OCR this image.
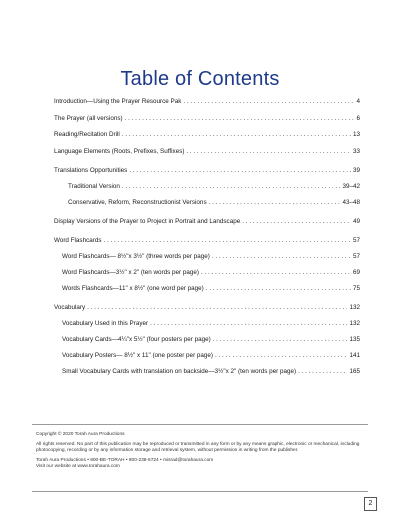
Table of Contents
Introduction—Using the Prayer Resource Pak . . .	4
The Prayer (all versions) . . .	6
Reading/Recitation Drill . . .	13
Language Elements (Roots, Prefixes, Suffixes) . . .	33
Translations Opportunities . . .	39
Traditional Version . . .	39–42
Conservative, Reform, Reconstructionist Versions . . .	43–48
Display Versions of the Prayer to Project in Portrait and Landscape . . .	49
Word Flashcards . . .	57
Word Flashcards— 8½"x 3½" (three words per page) . . .	57
Word Flashcards—3½" x 2" (ten words per page) . . .	69
Words Flashcards—11" x 8½" (one word per page) . . .	75
Vocabulary . . .	132
Vocabulary Used in this Prayer . . .	132
Vocabulary Cards—4¼"x 5½" (four posters per page) . . .	135
Vocabulary Posters— 8½" x 11" (one poster per page) . . .	141
Small Vocabulary Cards with translation on backside—3½"x 2" (ten words per page) . . .	165

Copyright © 2020 Torah Aura Productions

All rights reserved. No part of this publication may be reproduced or transmitted in any form or by any means graphic, electronic or mechanical, including photocopying, recording or by any information storage and retrieval system, without permission in writing from the publisher.

Torah Aura Productions • 800-BE-TORAH • 800-238-6724 • misrad@torahaura.com

Visit our website at www.torahaura.com

2
